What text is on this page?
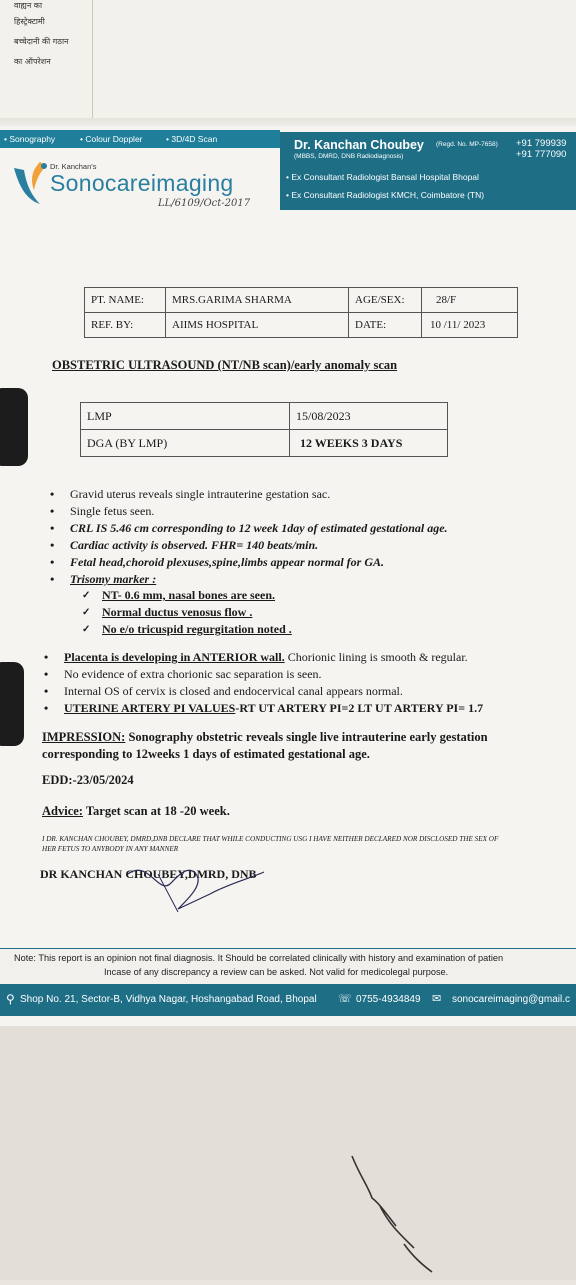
वाह्यन का
हिस्ट्रेक्टामी
बच्चेदानी की गठान
का ऑपरेशन
• Sonography	• Colour Doppler	• 3D/4D Scan
Dr. Kanchan's
Sonocareimaging
LL/6109/Oct-2017
Dr. Kanchan Choubey (Regd. No. MP-7658)
(MBBS, DMRD, DNB Radiodiagnosis)
+91 799939
+91 777090
• Ex Consultant Radiologist Bansal Hospital Bhopal
• Ex Consultant Radiologist KMCH, Coimbatore (TN)
PT. NAME:	MRS.GARIMA SHARMA	AGE/SEX:	28/F
REF. BY:	AIIMS HOSPITAL	DATE:	10 /11/ 2023
OBSTETRIC ULTRASOUND (NT/NB scan)/early anomaly scan
LMP	15/08/2023
DGA (BY LMP)	12 WEEKS 3 DAYS
• Gravid uterus reveals single intrauterine gestation sac.
• Single fetus seen.
• CRL IS 5.46 cm corresponding to 12 week 1day of estimated gestational age.
• Cardiac activity is observed. FHR= 140 beats/min.
• Fetal head,choroid plexuses,spine,limbs appear normal for GA.
• Trisomy marker :
✓ NT- 0.6 mm, nasal bones are seen.
✓ Normal ductus venosus flow .
✓ No e/o tricuspid regurgitation noted .
• Placenta is developing in ANTERIOR wall. Chorionic lining is smooth & regular.
• No evidence of extra chorionic sac separation is seen.
• Internal OS of cervix is closed and endocervical canal appears normal.
• UTERINE ARTERY PI VALUES-RT UT ARTERY PI=2 LT UT ARTERY PI= 1.7
IMPRESSION: Sonography obstetric reveals single live intrauterine early gestation
corresponding to 12weeks 1 days of estimated gestational age.
EDD:-23/05/2024
Advice: Target scan at 18 -20 week.
I DR. KANCHAN CHOUBEY, DMRD,DNB DECLARE THAT WHILE CONDUCTING USG I HAVE NEITHER DECLARED NOR DISCLOSED THE SEX OF
HER FETUS TO ANYBODY IN ANY MANNER
DR KANCHAN CHOUBEY,DMRD, DNB
Note: This report is an opinion not final diagnosis. It Should be correlated clinically with history and examination of patien
Incase of any discrepancy a review can be asked. Not valid for medicolegal purpose.
⚲ Shop No. 21, Sector-B, Vidhya Nagar, Hoshangabad Road, Bhopal ☏ 0755-4934849 ✉ sonocareimaging@gmail.c
